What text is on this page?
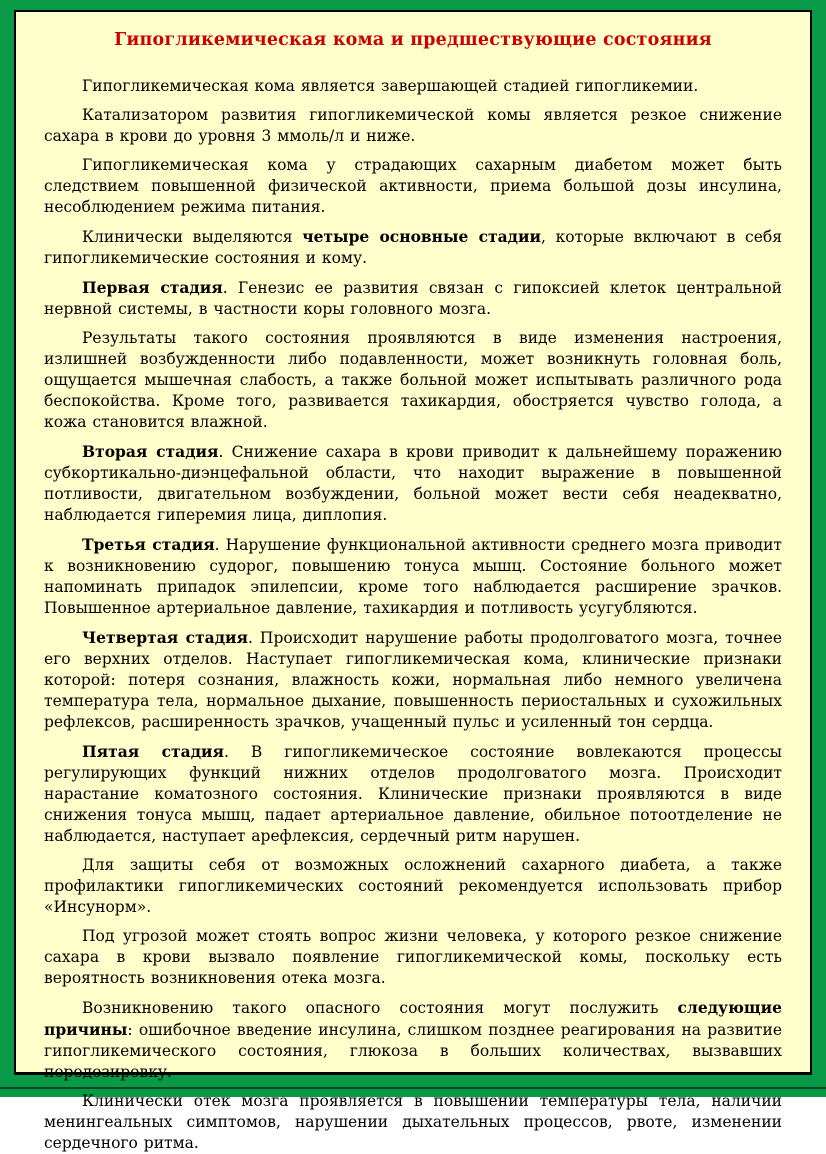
Гипогликемическая кома и предшествующие состояния

Гипогликемическая кома является завершающей стадией гипогликемии.

Катализатором развития гипогликемической комы является резкое снижение сахара в крови до уровня 3 ммоль/л и ниже.

Гипогликемическая кома у страдающих сахарным диабетом может быть следствием повышенной физической активности, приема большой дозы инсулина, несоблюдением режима питания.

Клинически выделяются четыре основные стадии, которые включают в себя гипогликемические состояния и кому.

Первая стадия. Генезис ее развития связан с гипоксией клеток центральной нервной системы, в частности коры головного мозга.

Результаты такого состояния проявляются в виде изменения настроения, излишней возбужденности либо подавленности, может возникнуть головная боль, ощущается мышечная слабость, а также больной может испытывать различного рода беспокойства. Кроме того, развивается тахикардия, обостряется чувство голода, а кожа становится влажной.

Вторая стадия. Снижение сахара в крови приводит к дальнейшему поражению субкортикально-диэнцефальной области, что находит выражение в повышенной потливости, двигательном возбуждении, больной может вести себя неадекватно, наблюдается гиперемия лица, диплопия.

Третья стадия. Нарушение функциональной активности среднего мозга приводит к возникновению судорог, повышению тонуса мышц. Состояние больного может напоминать припадок эпилепсии, кроме того наблюдается расширение зрачков. Повышенное артериальное давление, тахикардия и потливость усугубляются.

Четвертая стадия. Происходит нарушение работы продолговатого мозга, точнее его верхних отделов. Наступает гипогликемическая кома, клинические признаки которой: потеря сознания, влажность кожи, нормальная либо немного увеличена температура тела, нормальное дыхание, повышенность периостальных и сухожильных рефлексов, расширенность зрачков, учащенный пульс и усиленный тон сердца.

Пятая стадия. В гипогликемическое состояние вовлекаются процессы регулирующих функций нижних отделов продолговатого мозга. Происходит нарастание коматозного состояния. Клинические признаки проявляются в виде снижения тонуса мышц, падает артериальное давление, обильное потоотделение не наблюдается, наступает арефлексия, сердечный ритм нарушен.

Для защиты себя от возможных осложнений сахарного диабета, а также профилактики гипогликемических состояний рекомендуется использовать прибор «Инсунорм».

Под угрозой может стоять вопрос жизни человека, у которого резкое снижение сахара в крови вызвало появление гипогликемической комы, поскольку есть вероятность возникновения отека мозга.

Возникновению такого опасного состояния могут послужить следующие причины: ошибочное введение инсулина, слишком позднее реагирования на развитие гипогликемического состояния, глюкоза в больших количествах, вызвавших передозировку.

Клинически отек мозга проявляется в повышении температуры тела, наличии менингеальных симптомов, нарушении дыхательных процессов, рвоте, изменении сердечного ритма.
